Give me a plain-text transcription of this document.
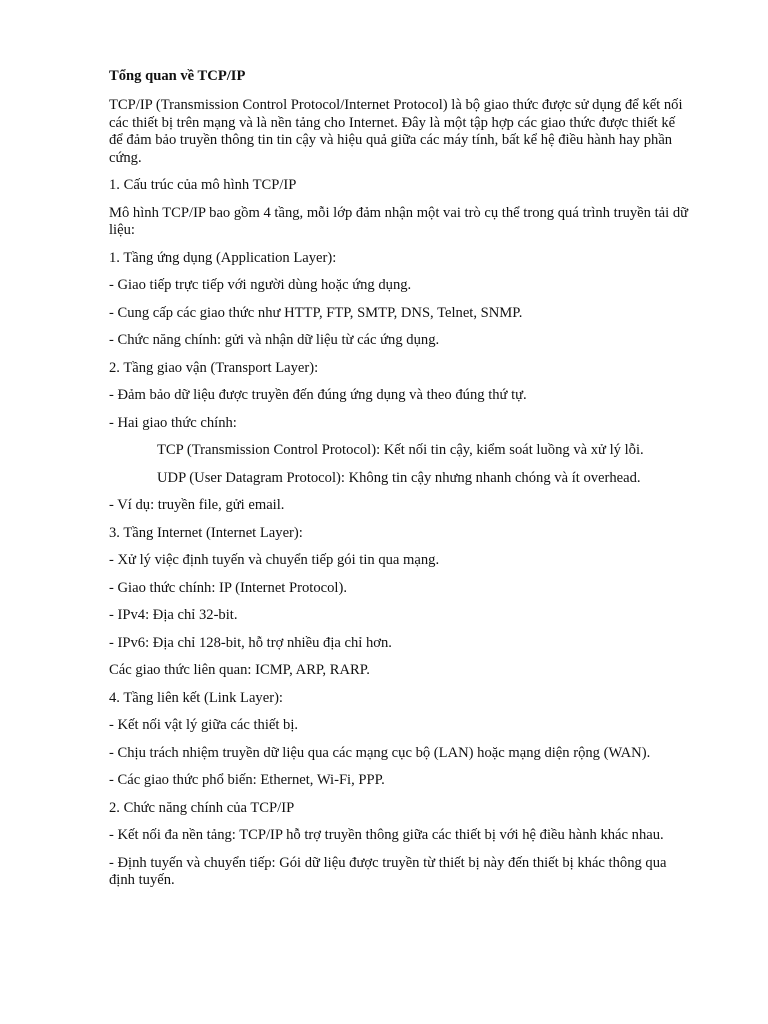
Tổng quan về TCP/IP

TCP/IP (Transmission Control Protocol/Internet Protocol) là bộ giao thức được sử dụng để kết nối các thiết bị trên mạng và là nền tảng cho Internet. Đây là một tập hợp các giao thức được thiết kế để đảm bảo truyền thông tin tin cậy và hiệu quả giữa các máy tính, bất kể hệ điều hành hay phần cứng.

1. Cấu trúc của mô hình TCP/IP

Mô hình TCP/IP bao gồm 4 tầng, mỗi lớp đảm nhận một vai trò cụ thể trong quá trình truyền tải dữ liệu:

1. Tầng ứng dụng (Application Layer):

- Giao tiếp trực tiếp với người dùng hoặc ứng dụng.

- Cung cấp các giao thức như HTTP, FTP, SMTP, DNS, Telnet, SNMP.

- Chức năng chính: gửi và nhận dữ liệu từ các ứng dụng.

2. Tầng giao vận (Transport Layer):

- Đảm bảo dữ liệu được truyền đến đúng ứng dụng và theo đúng thứ tự.

- Hai giao thức chính:

TCP (Transmission Control Protocol): Kết nối tin cậy, kiểm soát luồng và xử lý lỗi.

UDP (User Datagram Protocol): Không tin cậy nhưng nhanh chóng và ít overhead.

- Ví dụ: truyền file, gửi email.

3. Tầng Internet (Internet Layer):

- Xử lý việc định tuyến và chuyển tiếp gói tin qua mạng.

- Giao thức chính: IP (Internet Protocol).

- IPv4: Địa chỉ 32-bit.

- IPv6: Địa chỉ 128-bit, hỗ trợ nhiều địa chỉ hơn.

Các giao thức liên quan: ICMP, ARP, RARP.

4. Tầng liên kết (Link Layer):

- Kết nối vật lý giữa các thiết bị.

- Chịu trách nhiệm truyền dữ liệu qua các mạng cục bộ (LAN) hoặc mạng diện rộng (WAN).

- Các giao thức phổ biến: Ethernet, Wi-Fi, PPP.

2. Chức năng chính của TCP/IP

- Kết nối đa nền tảng: TCP/IP hỗ trợ truyền thông giữa các thiết bị với hệ điều hành khác nhau.

- Định tuyến và chuyển tiếp: Gói dữ liệu được truyền từ thiết bị này đến thiết bị khác thông qua định tuyến.
